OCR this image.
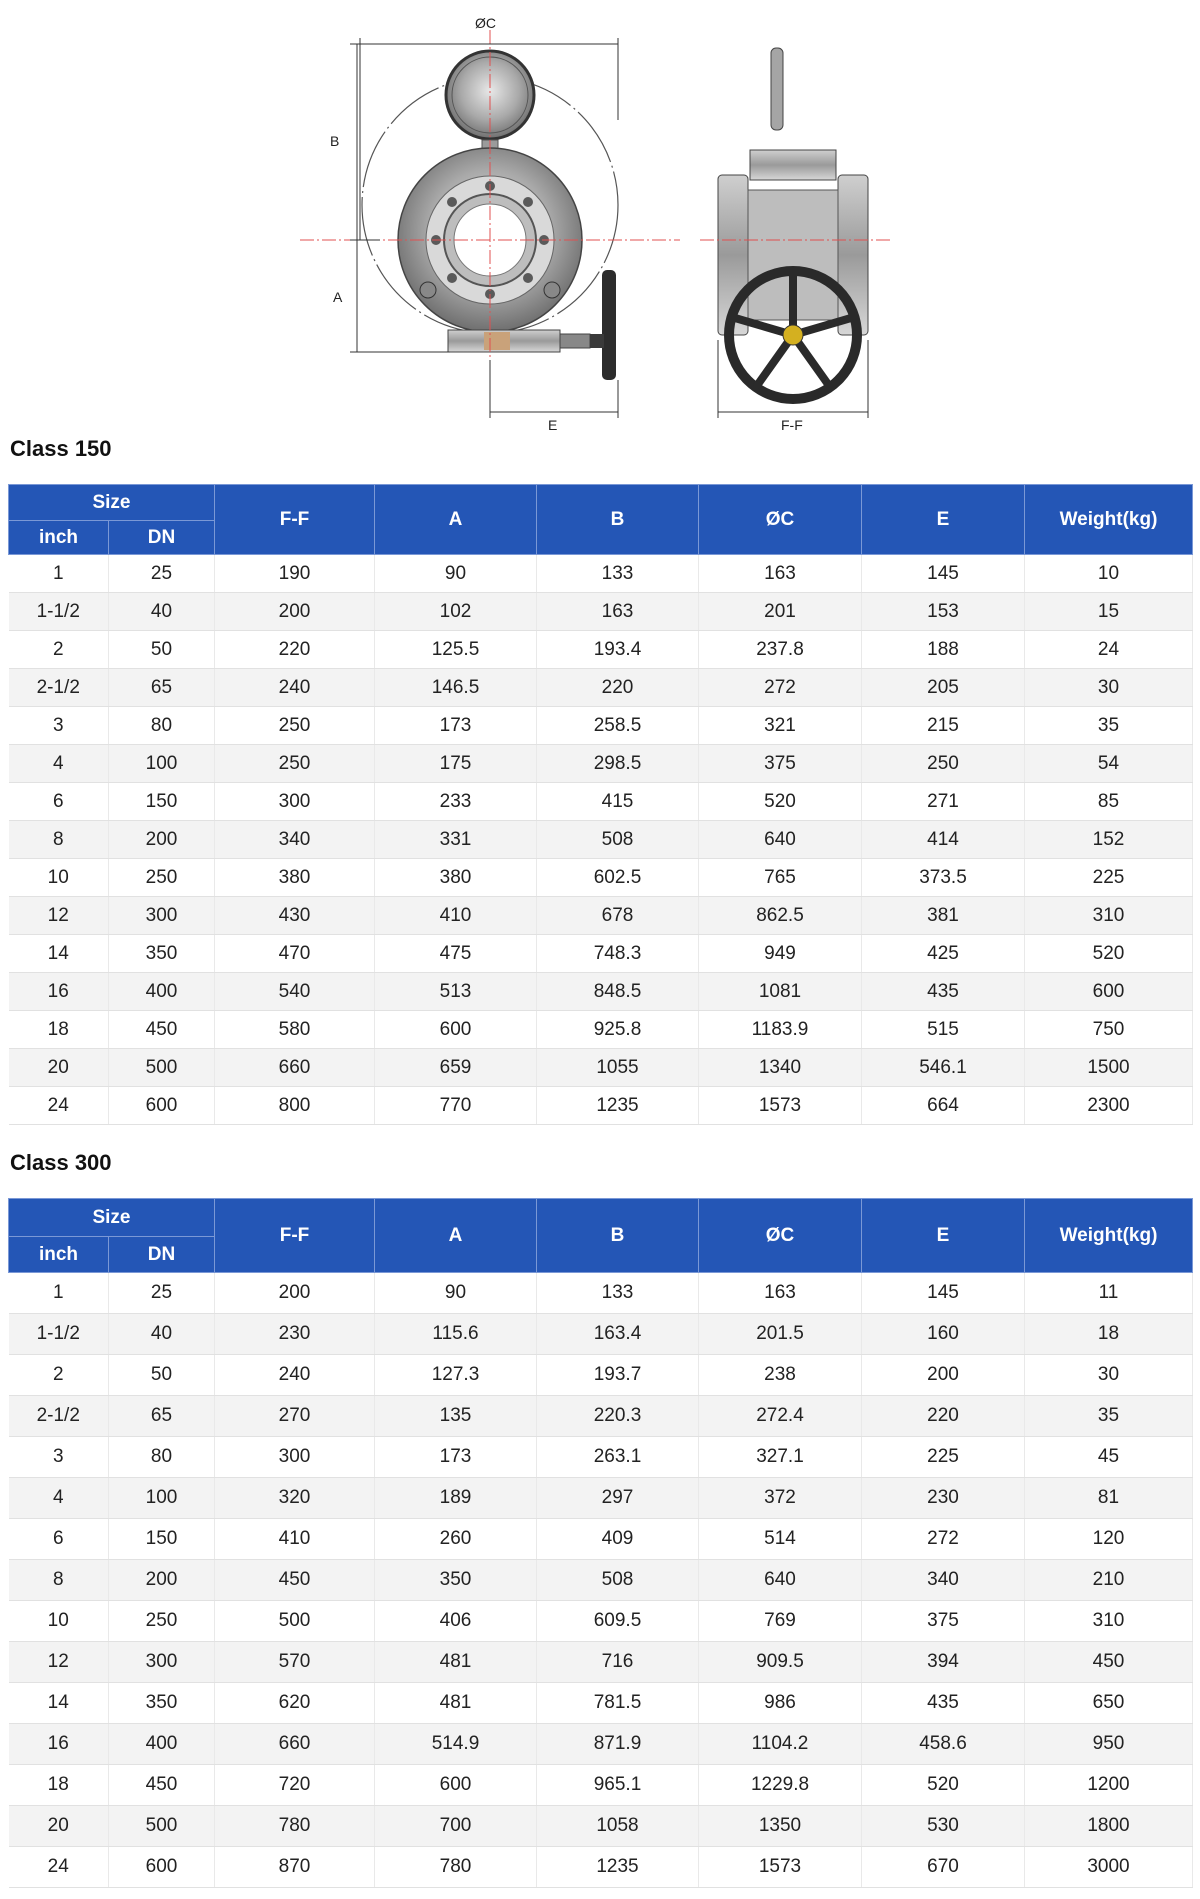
ØC
B
A
E	F-F
Class 150
Size		F-F	A	B	ØC	E	Weight(kg)
inch	DN						
1	25	190	90	133	163	145	10
1-1/2	40	200	102	163	201	153	15
2	50	220	125.5	193.4	237.8	188	24
2-1/2	65	240	146.5	220	272	205	30
3	80	250	173	258.5	321	215	35
4	100	250	175	298.5	375	250	54
6	150	300	233	415	520	271	85
8	200	340	331	508	640	414	152
10	250	380	380	602.5	765	373.5	225
12	300	430	410	678	862.5	381	310
14	350	470	475	748.3	949	425	520
16	400	540	513	848.5	1081	435	600
18	450	580	600	925.8	1183.9	515	750
20	500	660	659	1055	1340	546.1	1500
24	600	800	770	1235	1573	664	2300
Class 300
Size		F-F	A	B	ØC	E	Weight(kg)
inch	DN						
1	25	200	90	133	163	145	11
1-1/2	40	230	115.6	163.4	201.5	160	18
2	50	240	127.3	193.7	238	200	30
2-1/2	65	270	135	220.3	272.4	220	35
3	80	300	173	263.1	327.1	225	45
4	100	320	189	297	372	230	81
6	150	410	260	409	514	272	120
8	200	450	350	508	640	340	210
10	250	500	406	609.5	769	375	310
12	300	570	481	716	909.5	394	450
14	350	620	481	781.5	986	435	650
16	400	660	514.9	871.9	1104.2	458.6	950
18	450	720	600	965.1	1229.8	520	1200
20	500	780	700	1058	1350	530	1800
24	600	870	780	1235	1573	670	3000
